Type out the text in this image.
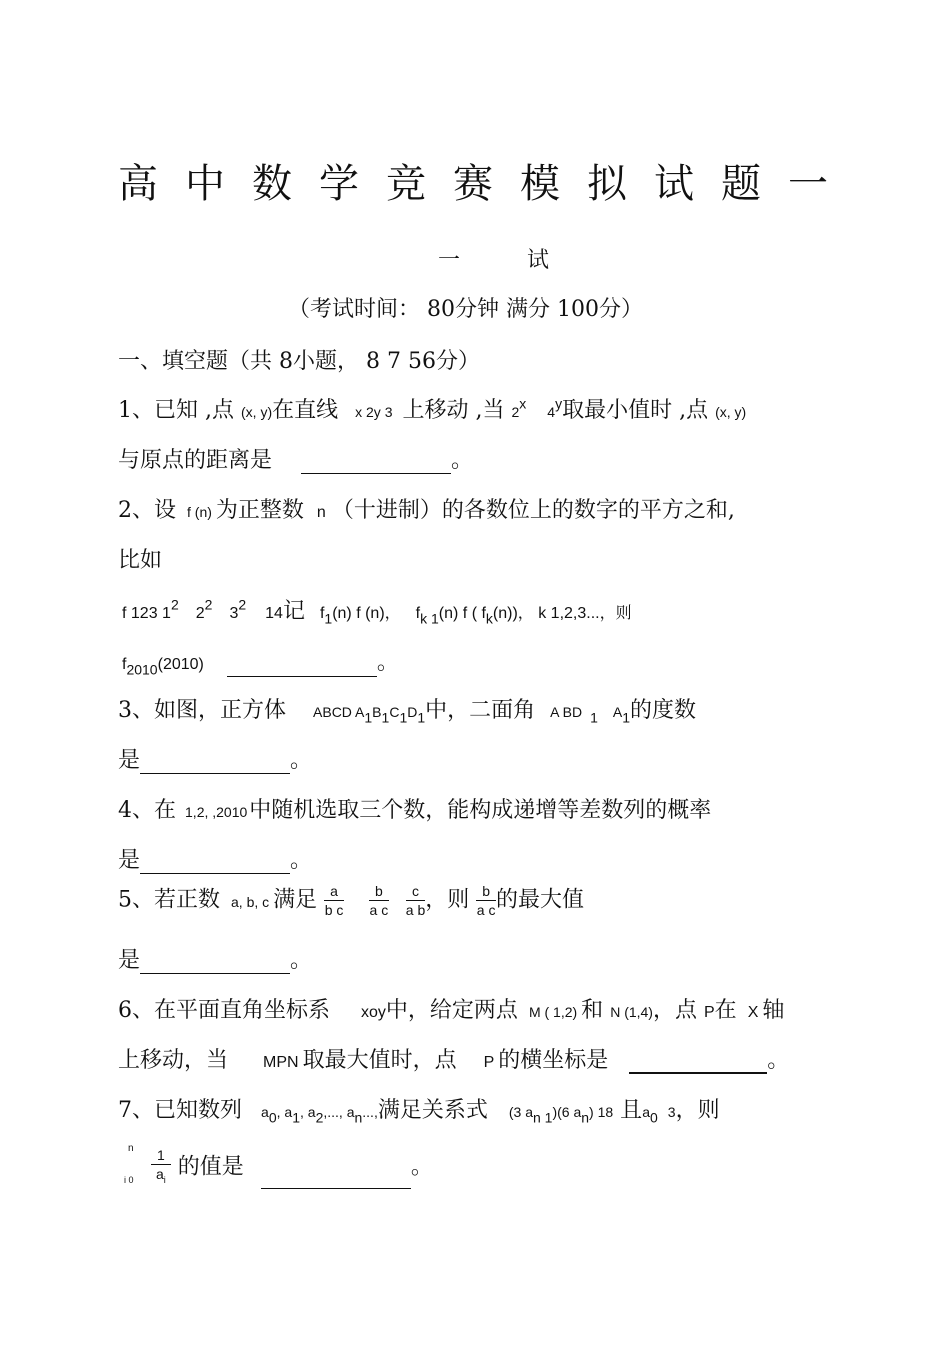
高中数学竞赛模拟试题一
一 试
（考试时间： 80分钟 满分 100分）
一、填空题（共 8小题， 8 7 56分）
1、已知 ,点 (x, y)在直线 x 2y 3 上移动 ,当 2$^x$ 4$^y$取最小值时 ,点 (x, y)
与原点的距离是	。
2、设 f (n) 为正整数 n （十进制）的各数位上的数字的平方之和,
比如
f 123 $1^2$ $2^2$ $3^2$ 14记 $f_1(n)$ f (n)， $f_{k 1}(n)$ f ( $f_k(n)$)， k 1,2,3...，则
$f_{2010}(2010)$	。
3、如图，正方体 ABCD $A_1B_1C_1D_1$中，二面角 A BD $_1$ $A_1$的度数
是	。
4、在 1,2, ,2010中随机选取三个数，能构成递增等差数列的概率
是	。
5、若正数 a, b, c 满足 $\frac{a}{\text{b c}}$
$\frac{b}{\text{a c}}$
$\frac{c}{\text{a b}}$ ，则 $\frac{b}{\text{a c}}$ 的最大值
是	。
6、在平面直角坐标系 xoy中，给定两点 M ( 1,2) 和 N (1,4)，点 P在 X 轴
上移动，当 MPN 取最大值时，点 P 的横坐标是	。
7、已知数列 $a_0$, $a_1$, $a_2$,..., $a_n$...,满足关系式 (3 $a_{n 1})(6$ $a_n$) 18 且$a_0$ 3，则
n
i 0
$\frac{1}{a_i}$ 的值是	。
